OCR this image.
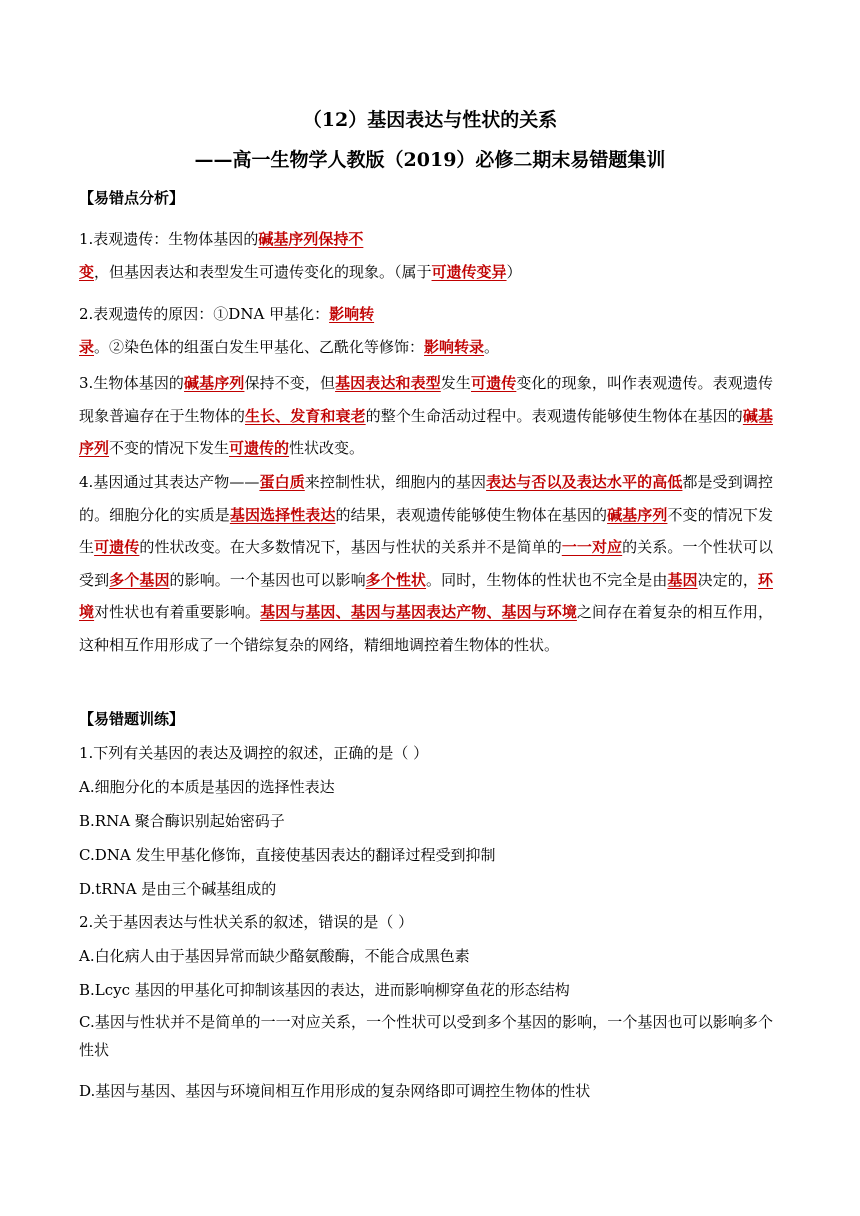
（12）基因表达与性状的关系
——高一生物学人教版（2019）必修二期末易错题集训
【易错点分析】
1.表观遗传：生物体基因的碱基序列保持不
变，但基因表达和表型发生可遗传变化的现象。（属于可遗传变异）
2.表观遗传的原因：①DNA 甲基化：影响转
录。②染色体的组蛋白发生甲基化、乙酰化等修饰：影响转录。
3.生物体基因的碱基序列保持不变，但基因表达和表型发生可遗传变化的现象，叫作表观遗传。表观遗传现象普遍存在于生物体的生长、发育和衰老的整个生命活动过程中。表观遗传能够使生物体在基因的碱基序列不变的情况下发生可遗传的性状改变。
4.基因通过其表达产物——蛋白质来控制性状，细胞内的基因表达与否以及表达水平的高低都是受到调控的。细胞分化的实质是基因选择性表达的结果，表观遗传能够使生物体在基因的碱基序列不变的情况下发生可遗传的性状改变。在大多数情况下，基因与性状的关系并不是简单的一一对应的关系。一个性状可以受到多个基因的影响。一个基因也可以影响多个性状。同时，生物体的性状也不完全是由基因决定的，环境对性状也有着重要影响。基因与基因、基因与基因表达产物、基因与环境之间存在着复杂的相互作用，这种相互作用形成了一个错综复杂的网络，精细地调控着生物体的性状。
【易错题训练】
1.下列有关基因的表达及调控的叙述，正确的是（ ）
A.细胞分化的本质是基因的选择性表达
B.RNA 聚合酶识别起始密码子
C.DNA 发生甲基化修饰，直接使基因表达的翻译过程受到抑制
D.tRNA 是由三个碱基组成的
2.关于基因表达与性状关系的叙述，错误的是（ ）
A.白化病人由于基因异常而缺少酪氨酸酶，不能合成黑色素
B.Lcyc 基因的甲基化可抑制该基因的表达，进而影响柳穿鱼花的形态结构
C.基因与性状并不是简单的一一对应关系，一个性状可以受到多个基因的影响，一个基因也可以影响多个性状
D.基因与基因、基因与环境间相互作用形成的复杂网络即可调控生物体的性状
